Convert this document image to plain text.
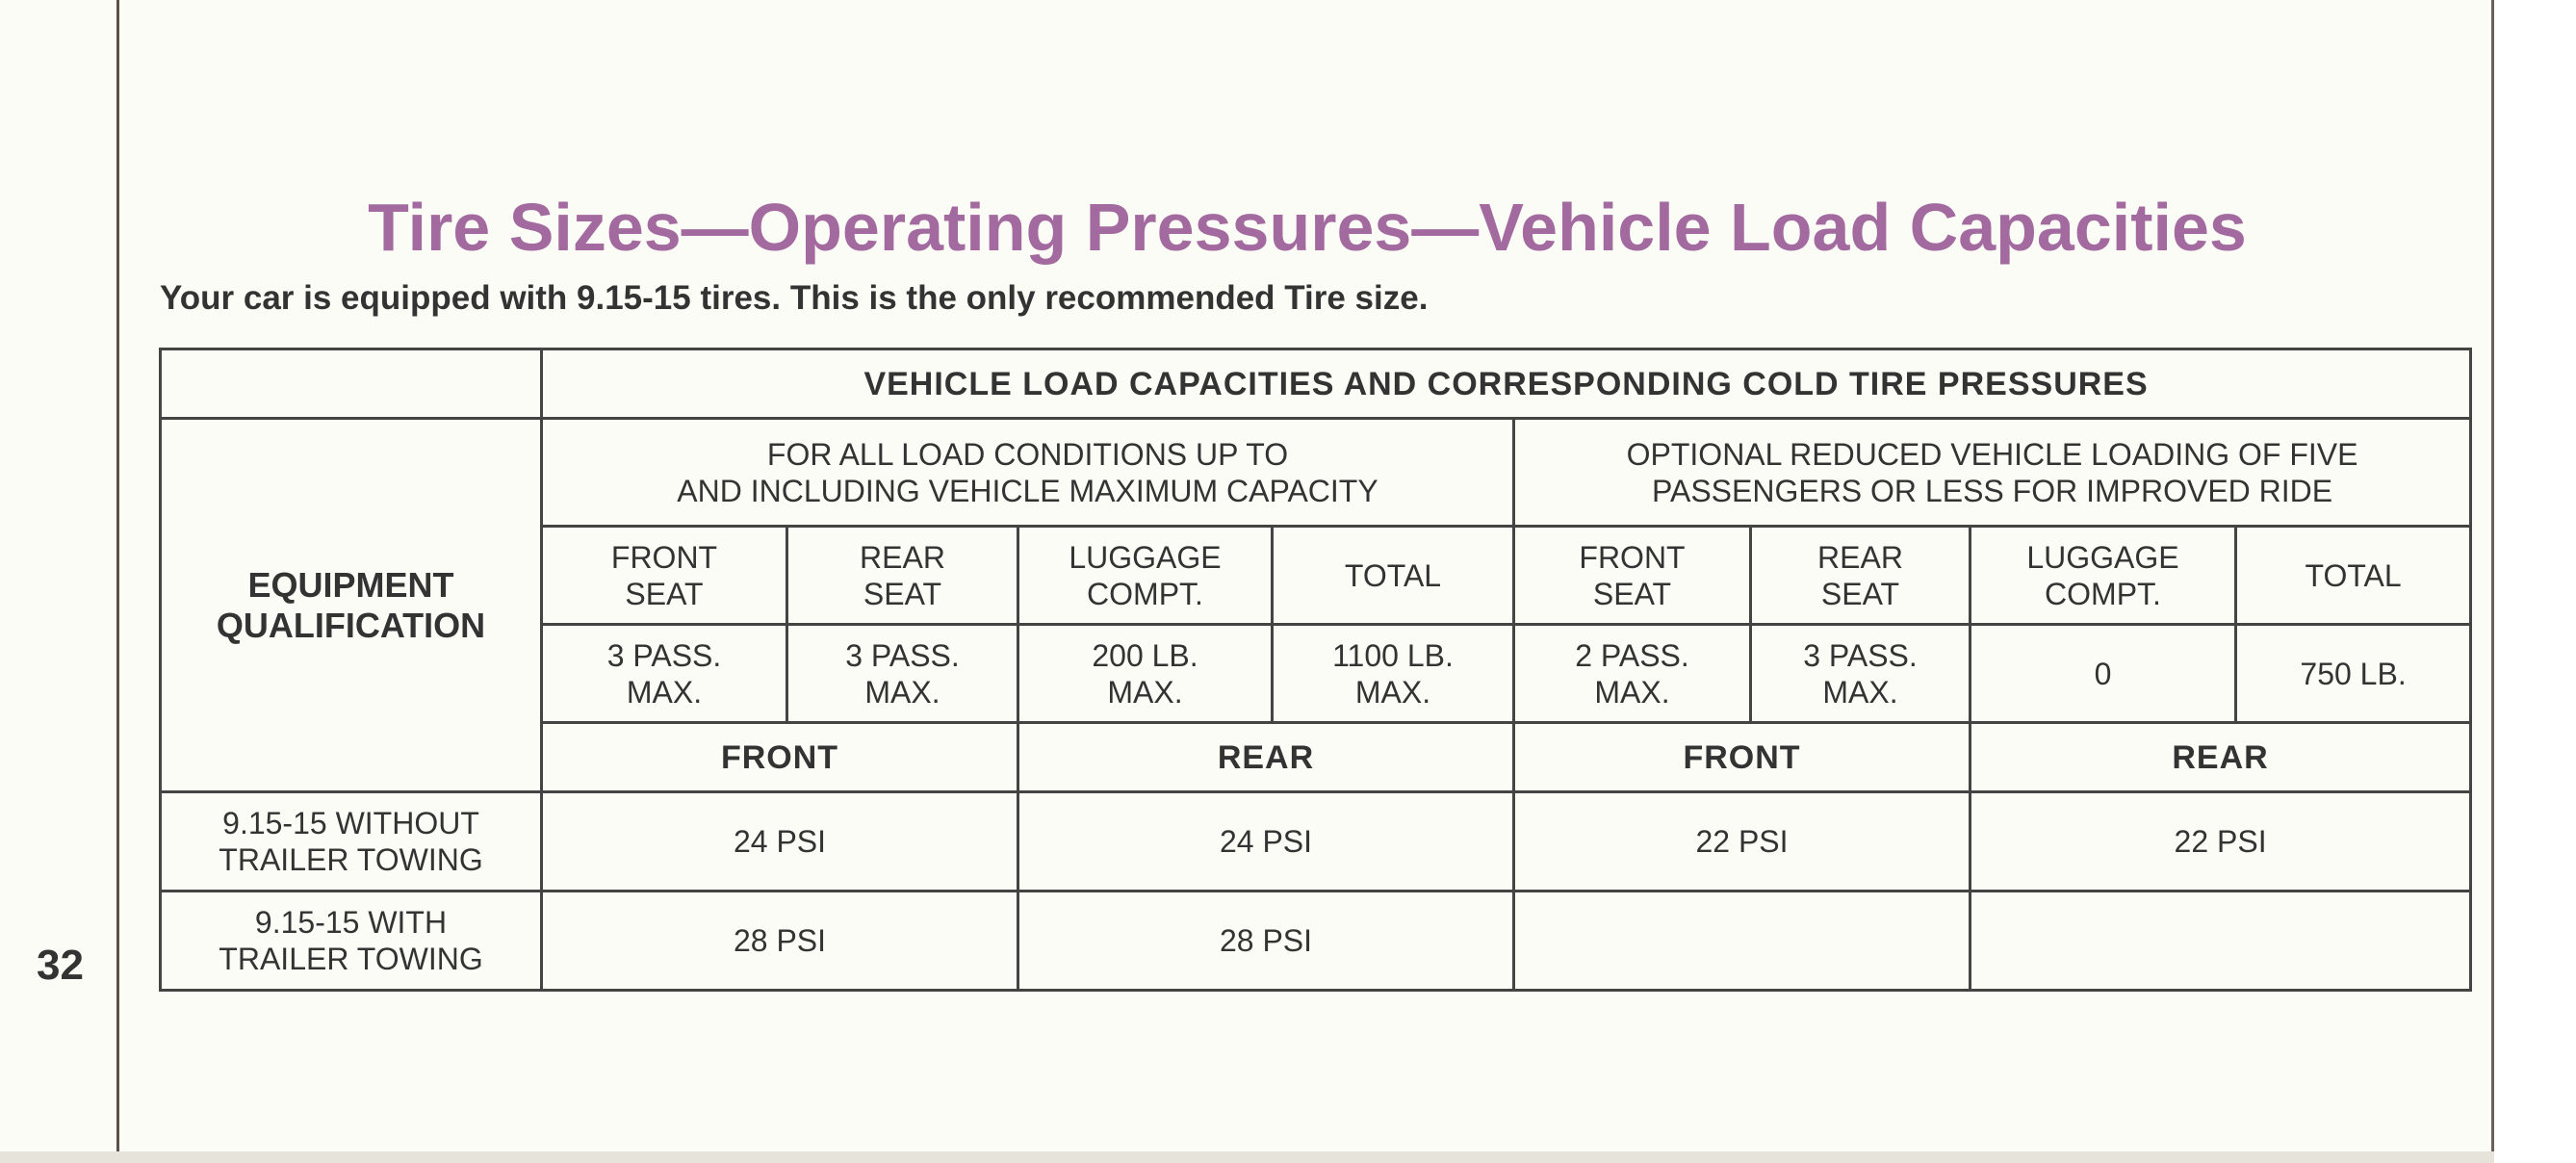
32
Tire Sizes—Operating Pressures—Vehicle Load Capacities
Your car is equipped with 9.15-15 tires. This is the only recommended Tire size.
	VEHICLE LOAD CAPACITIES AND CORRESPONDING COLD TIRE PRESSURES							

EQUIPMENT
QUALIFICATION	FOR ALL LOAD CONDITIONS UP TO
AND INCLUDING VEHICLE MAXIMUM CAPACITY				OPTIONAL REDUCED VEHICLE LOADING OF FIVE
PASSENGERS OR LESS FOR IMPROVED RIDE			

	FRONT
SEAT	REAR
SEAT	LUGGAGE
COMPT.	TOTAL	FRONT
SEAT	REAR
SEAT	LUGGAGE
COMPT.	TOTAL

	3 PASS.
MAX.	3 PASS.
MAX.	200 LB.
MAX.	1100 LB.
MAX.	2 PASS.
MAX.	3 PASS.
MAX.	0	750 LB.

	FRONT		REAR		FRONT		REAR	

9.15-15 WITHOUT
TRAILER TOWING	24 PSI		24 PSI		22 PSI		22 PSI	

9.15-15 WITH
TRAILER TOWING	28 PSI		28 PSI					
